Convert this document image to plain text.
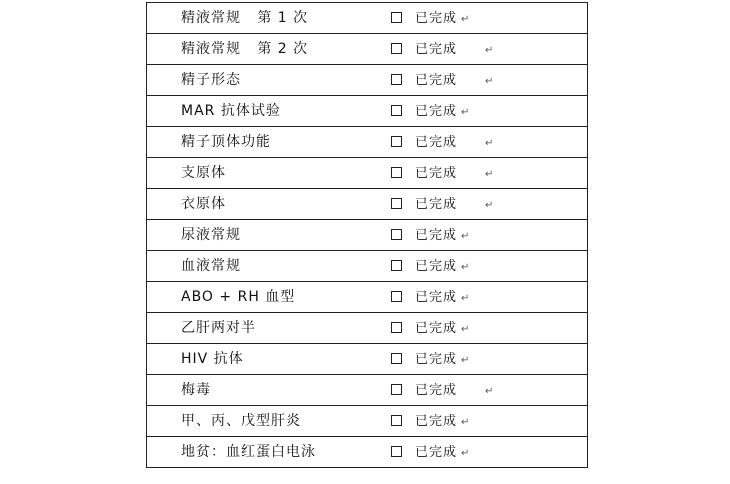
精液常规   第 1 次	已完成 ↵
精液常规   第 2 次	已完成	↵
精子形态	已完成	↵
MAR 抗体试验	已完成 ↵
精子顶体功能	已完成	↵
支原体	已完成	↵
衣原体	已完成	↵
尿液常规	已完成 ↵
血液常规	已完成 ↵
ABO + RH 血型	已完成 ↵
乙肝两对半	已完成 ↵
HIV 抗体	已完成 ↵
梅毒	已完成	↵
甲、丙、戊型肝炎	已完成 ↵
地贫：血红蛋白电泳	已完成 ↵
